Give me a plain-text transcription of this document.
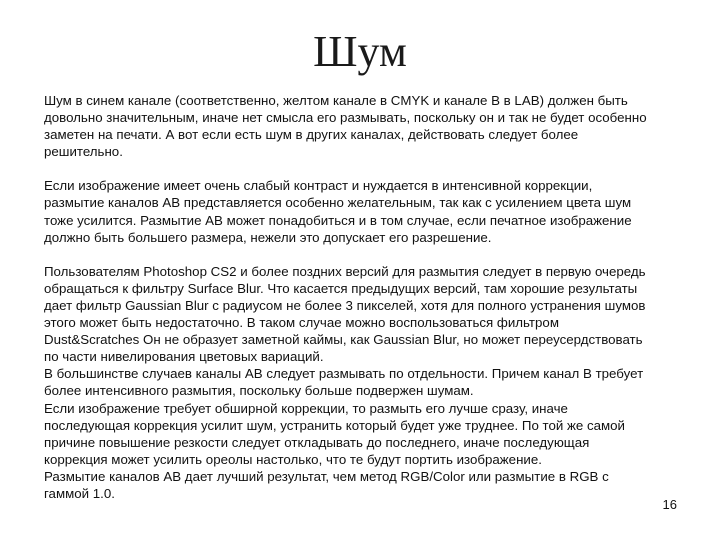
Шум

Шум в синем канале (соответственно, желтом канале в CMYK и канале B в LAB) должен быть
довольно значительным, иначе нет смысла его размывать, поскольку он и так не будет особенно
заметен на печати. А вот если есть шум в других каналах, действовать следует более
решительно.

Если изображение имеет очень слабый контраст и нуждается в интенсивной коррекции,
размытие каналов AB представляется особенно желательным, так как с усилением цвета шум
тоже усилится. Размытие AB может понадобиться и в том случае, если печатное изображение
должно быть большего размера, нежели это допускает его разрешение.

Пользователям Photoshop CS2 и более поздних версий для размытия следует в первую очередь
обращаться к фильтру Surface Blur. Что касается предыдущих версий, там хорошие результаты
дает фильтр Gaussian Blur с радиусом не более 3 пикселей, хотя для полного устранения шумов
этого может быть недостаточно. В таком случае можно воспользоваться фильтром
Dust&Scratches Он не образует заметной каймы, как Gaussian Blur, но может переусердствовать
по части нивелирования цветовых вариаций.
В большинстве случаев каналы AB следует размывать по отдельности. Причем канал B требует
более интенсивного размытия, поскольку больше подвержен шумам.
Если изображение требует обширной коррекции, то размыть его лучше сразу, иначе
последующая коррекция усилит шум, устранить который будет уже труднее. По той же самой
причине повышение резкости следует откладывать до последнего, иначе последующая
коррекция может усилить ореолы настолько, что те будут портить изображение.
Размытие каналов AB дает лучший результат, чем метод RGB/Color или размытие в RGB с
гаммой 1.0.

16
